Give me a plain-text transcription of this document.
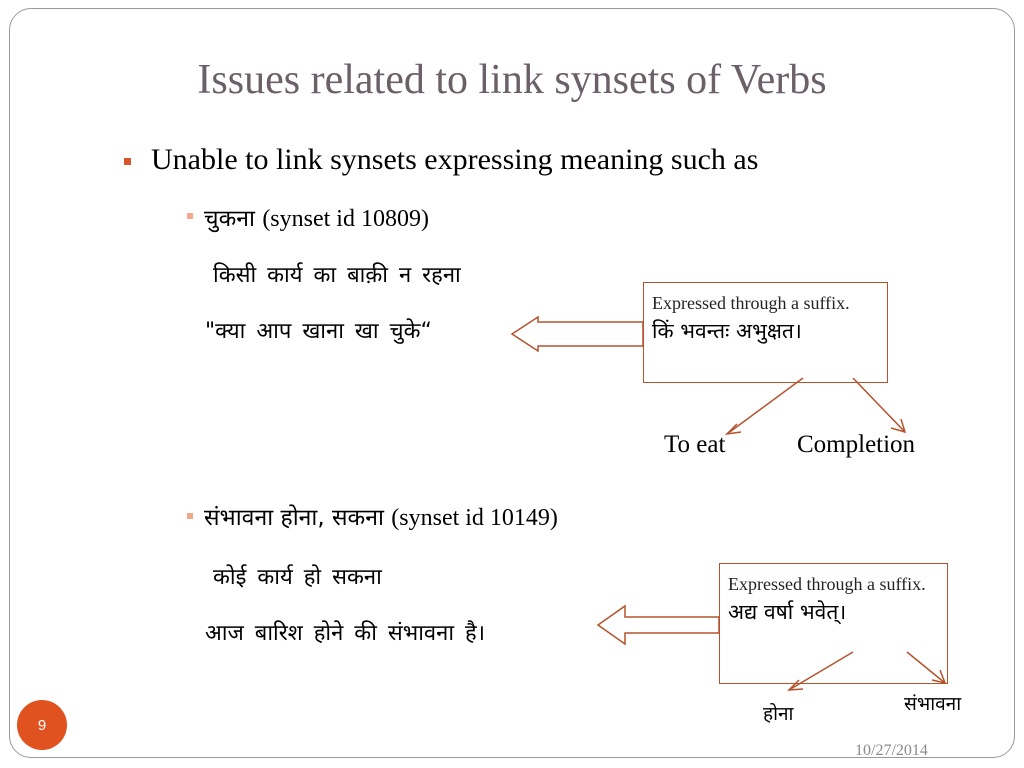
Issues related to link synsets of Verbs
Unable to link synsets expressing meaning such as
चुकना (synset id 10809)
किसी कार्य का बाक़ी न रहना
"क्या आप खाना खा चुके“
Expressed through a suffix.
किं भवन्तः अभुक्षत।
To eat	Completion
संभावना होना, सकना (synset id 10149)
कोई कार्य हो सकना
आज बारिश होने की संभावना है।
Expressed through a suffix.
अद्य वर्षा भवेत्।
होना	संभावना
9
10/27/2014
